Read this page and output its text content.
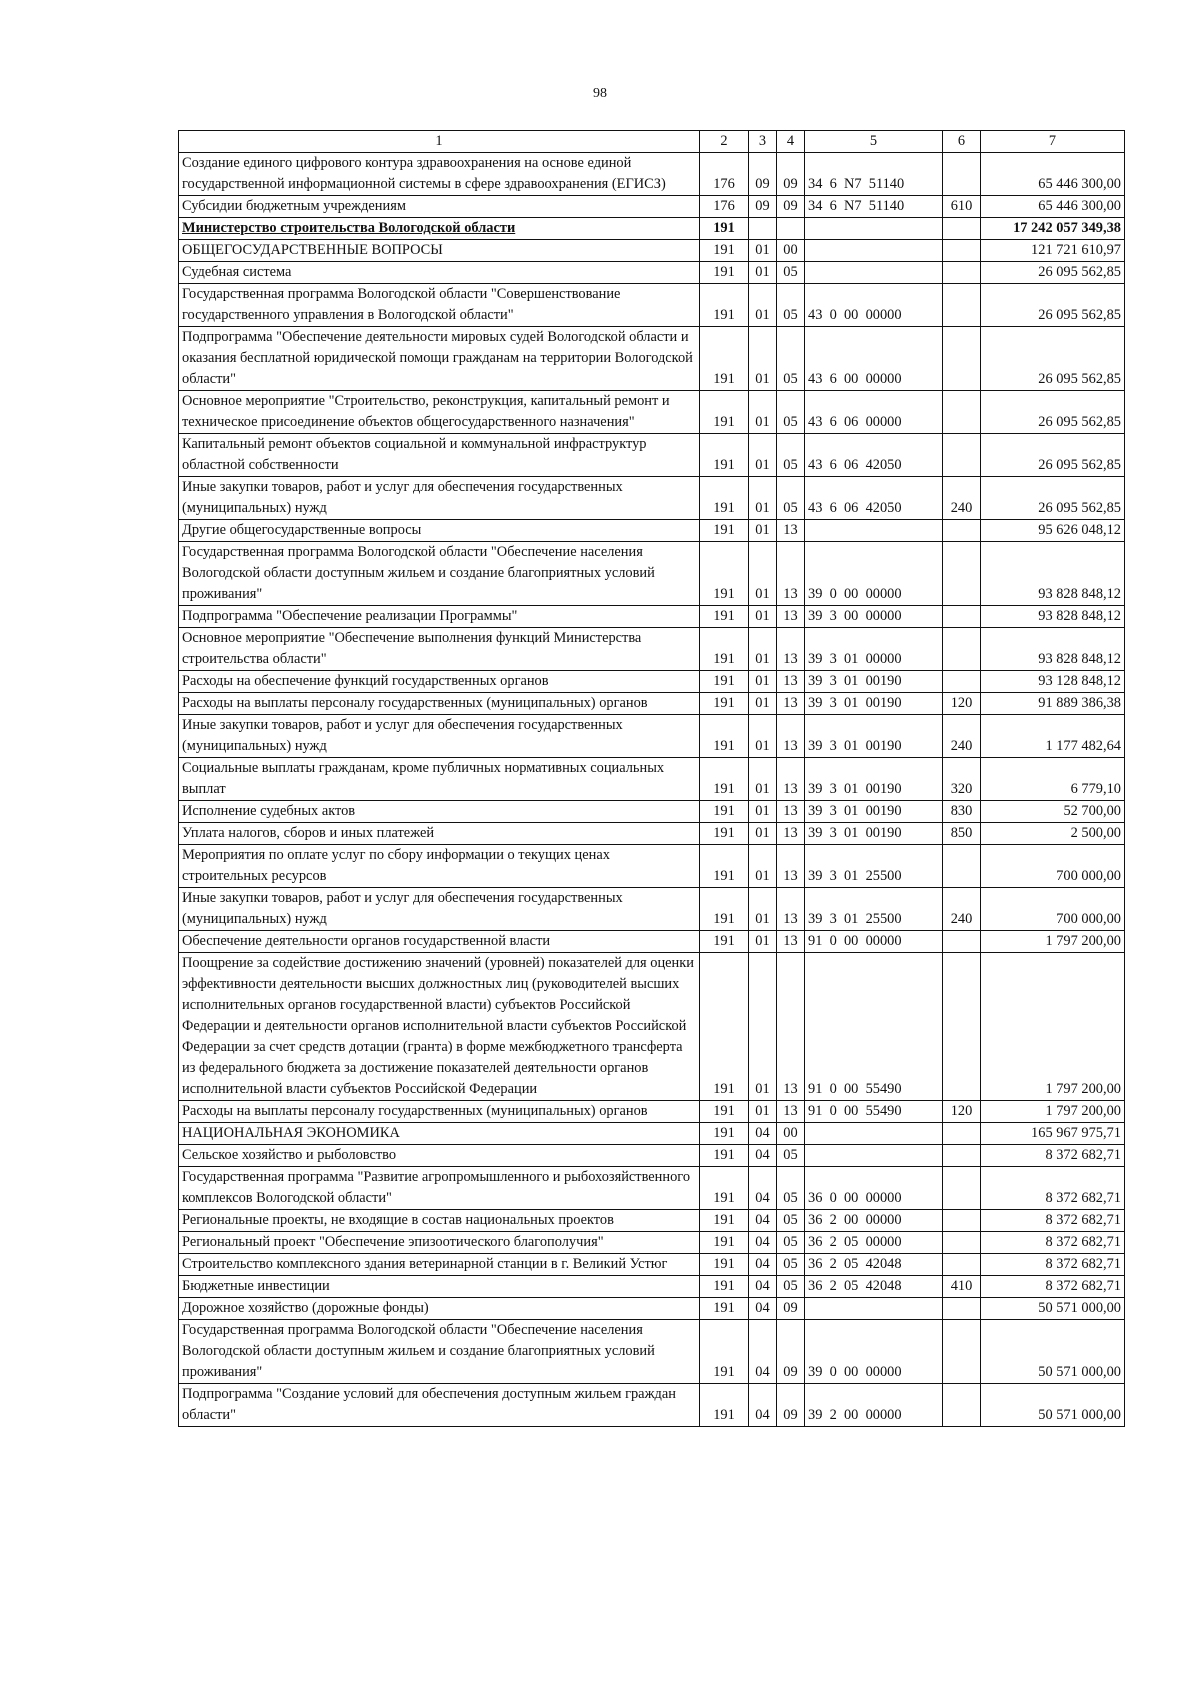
98
1	2	3	4	5	6	7
Создание единого цифрового контура здравоохранения на основе единой государственной информационной системы в сфере здравоохранения (ЕГИСЗ)	176	09	09	34  6  N7  51140		65 446 300,00
Субсидии бюджетным учреждениям	176	09	09	34  6  N7  51140	610	65 446 300,00
Министерство строительства Вологодской области	191					17 242 057 349,38
ОБЩЕГОСУДАРСТВЕННЫЕ ВОПРОСЫ	191	01	00			121 721 610,97
Судебная система	191	01	05			26 095 562,85
Государственная программа Вологодской области "Совершенствование государственного управления в Вологодской области"	191	01	05	43  0  00  00000		26 095 562,85
Подпрограмма "Обеспечение деятельности мировых судей Вологодской области и оказания бесплатной юридической помощи гражданам на территории Вологодской области"	191	01	05	43  6  00  00000		26 095 562,85
Основное мероприятие "Строительство, реконструкция, капитальный ремонт и техническое присоединение объектов общегосударственного назначения"	191	01	05	43  6  06  00000		26 095 562,85
Капитальный ремонт объектов социальной и коммунальной инфраструктур областной собственности	191	01	05	43  6  06  42050		26 095 562,85
Иные закупки товаров, работ и услуг для обеспечения государственных (муниципальных) нужд	191	01	05	43  6  06  42050	240	26 095 562,85
Другие общегосударственные вопросы	191	01	13			95 626 048,12
Государственная программа Вологодской области "Обеспечение населения Вологодской области доступным жильем и создание благоприятных условий проживания"	191	01	13	39  0  00  00000		93 828 848,12
Подпрограмма "Обеспечение реализации Программы"	191	01	13	39  3  00  00000		93 828 848,12
Основное мероприятие "Обеспечение выполнения функций Министерства строительства области"	191	01	13	39  3  01  00000		93 828 848,12
Расходы на обеспечение функций государственных органов	191	01	13	39  3  01  00190		93 128 848,12
Расходы на выплаты персоналу государственных (муниципальных) органов	191	01	13	39  3  01  00190	120	91 889 386,38
Иные закупки товаров, работ и услуг для обеспечения государственных (муниципальных) нужд	191	01	13	39  3  01  00190	240	1 177 482,64
Социальные выплаты гражданам, кроме публичных нормативных социальных выплат	191	01	13	39  3  01  00190	320	6 779,10
Исполнение судебных актов	191	01	13	39  3  01  00190	830	52 700,00
Уплата налогов, сборов и иных платежей	191	01	13	39  3  01  00190	850	2 500,00
Мероприятия по оплате услуг по сбору информации о текущих ценах строительных ресурсов	191	01	13	39  3  01  25500		700 000,00
Иные закупки товаров, работ и услуг для обеспечения государственных (муниципальных) нужд	191	01	13	39  3  01  25500	240	700 000,00
Обеспечение деятельности органов государственной власти	191	01	13	91  0  00  00000		1 797 200,00
Поощрение за содействие достижению значений (уровней) показателей для оценки эффективности деятельности высших должностных лиц (руководителей высших исполнительных органов государственной власти) субъектов Российской Федерации и деятельности органов исполнительной власти субъектов Российской Федерации за счет средств дотации (гранта) в форме межбюджетного трансферта из федерального бюджета за достижение показателей деятельности органов исполнительной власти субъектов Российской Федерации	191	01	13	91  0  00  55490		1 797 200,00
Расходы на выплаты персоналу государственных (муниципальных) органов	191	01	13	91  0  00  55490	120	1 797 200,00
НАЦИОНАЛЬНАЯ ЭКОНОМИКА	191	04	00			165 967 975,71
Сельское хозяйство и рыболовство	191	04	05			8 372 682,71
Государственная программа "Развитие агропромышленного и рыбохозяйственного комплексов Вологодской области"	191	04	05	36  0  00  00000		8 372 682,71
Региональные проекты, не входящие в состав национальных проектов	191	04	05	36  2  00  00000		8 372 682,71
Региональный проект "Обеспечение эпизоотического благополучия"	191	04	05	36  2  05  00000		8 372 682,71
Строительство комплексного здания ветеринарной станции в г. Великий Устюг	191	04	05	36  2  05  42048		8 372 682,71
Бюджетные инвестиции	191	04	05	36  2  05  42048	410	8 372 682,71
Дорожное хозяйство (дорожные фонды)	191	04	09			50 571 000,00
Государственная программа Вологодской области "Обеспечение населения Вологодской области доступным жильем и создание благоприятных условий проживания"	191	04	09	39  0  00  00000		50 571 000,00
Подпрограмма "Создание условий для обеспечения доступным жильем граждан области"	191	04	09	39  2  00  00000		50 571 000,00
